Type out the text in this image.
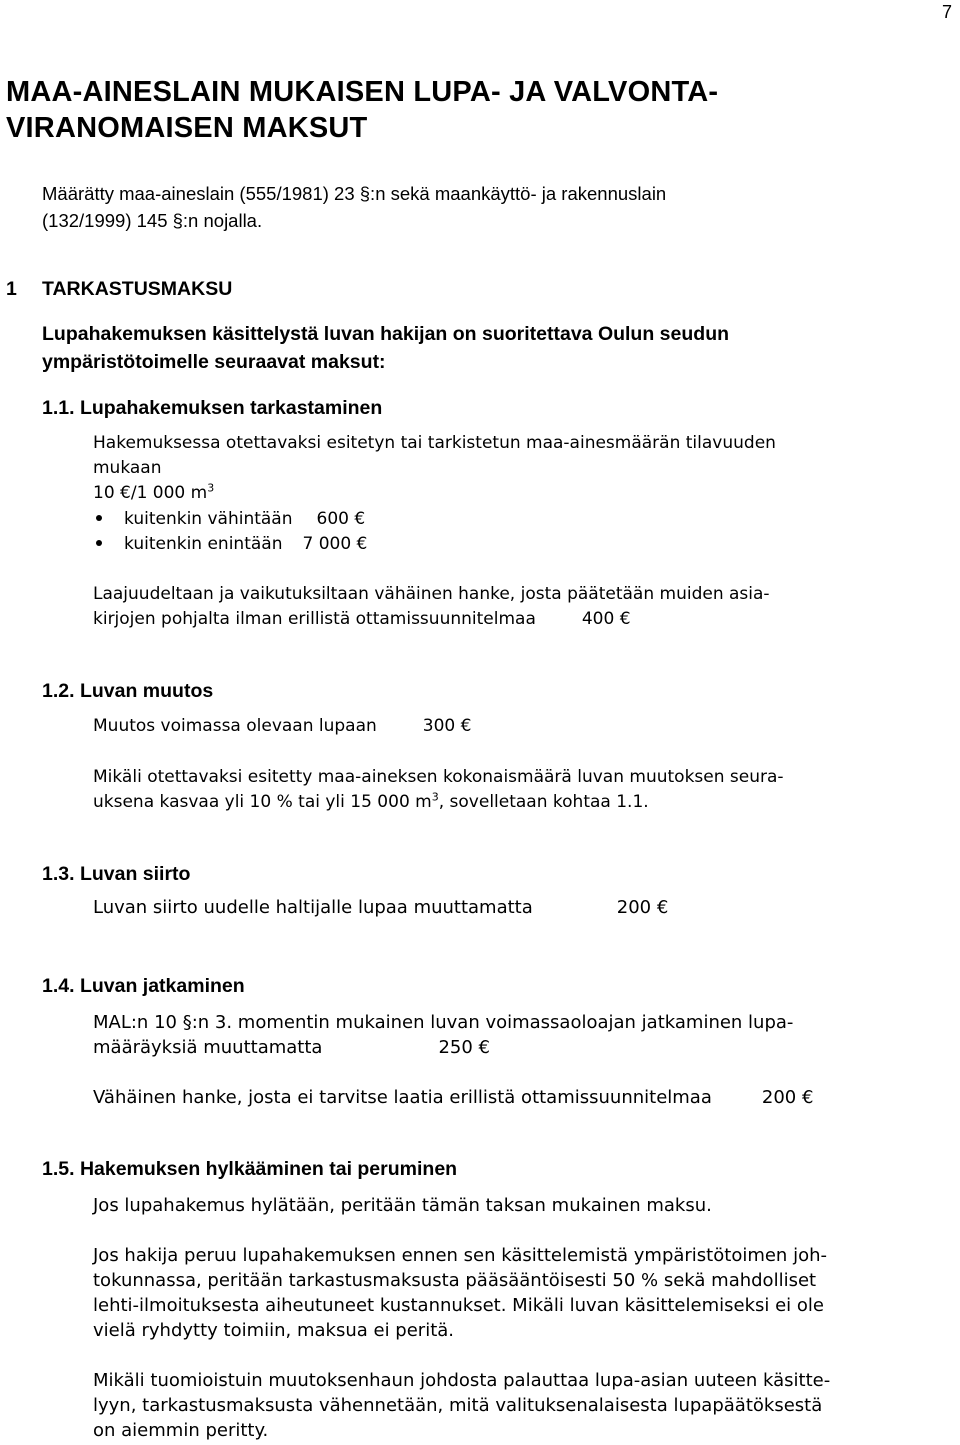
7
MAA-AINESLAIN MUKAISEN LUPA- JA VALVONTA-
VIRANOMAISEN MAKSUT
Määrätty maa-aineslain (555/1981) 23 §:n sekä maankäyttö- ja rakennuslain
(132/1999) 145 §:n nojalla.
1 TARKASTUSMAKSU
Lupahakemuksen käsittelystä luvan hakijan on suoritettava Oulun seudun
ympäristötoimelle seuraavat maksut:
1.1. Lupahakemuksen tarkastaminen
Hakemuksessa otettavaksi esitetyn tai tarkistetun maa-ainesmäärän tilavuuden
mukaan
10 €/1 000 $m^3$
kuitenkin vähintään 600 €
kuitenkin enintään 7 000 €
Laajuudeltaan ja vaikutuksiltaan vähäinen hanke, josta päätetään muiden asia-
kirjojen pohjalta ilman erillistä ottamissuunnitelmaa	400 €
1.2. Luvan muutos
Muutos voimassa olevaan lupaan	300 €
Mikäli otettavaksi esitetty maa-aineksen kokonaismäärä luvan muutoksen seura-
uksena kasvaa yli 10 % tai yli 15 000 $m^3$, sovelletaan kohtaa 1.1.
1.3. Luvan siirto
Luvan siirto uudelle haltijalle lupaa muuttamatta	200 €
1.4. Luvan jatkaminen
MAL:n 10 §:n 3. momentin mukainen luvan voimassaoloajan jatkaminen lupa-
määräyksiä muuttamatta	250 €
Vähäinen hanke, josta ei tarvitse laatia erillistä ottamissuunnitelmaa	200 €
1.5. Hakemuksen hylkääminen tai peruminen
Jos lupahakemus hylätään, peritään tämän taksan mukainen maksu.
Jos hakija peruu lupahakemuksen ennen sen käsittelemistä ympäristötoimen joh-
tokunnassa, peritään tarkastusmaksusta pääsääntöisesti 50 % sekä mahdolliset
lehti-ilmoituksesta aiheutuneet kustannukset. Mikäli luvan käsittelemiseksi ei ole
vielä ryhdytty toimiin, maksua ei peritä.
Mikäli tuomioistuin muutoksenhaun johdosta palauttaa lupa-asian uuteen käsitte-
lyyn, tarkastusmaksusta vähennetään, mitä valituksenalaisesta lupapäätöksestä
on aiemmin peritty.
